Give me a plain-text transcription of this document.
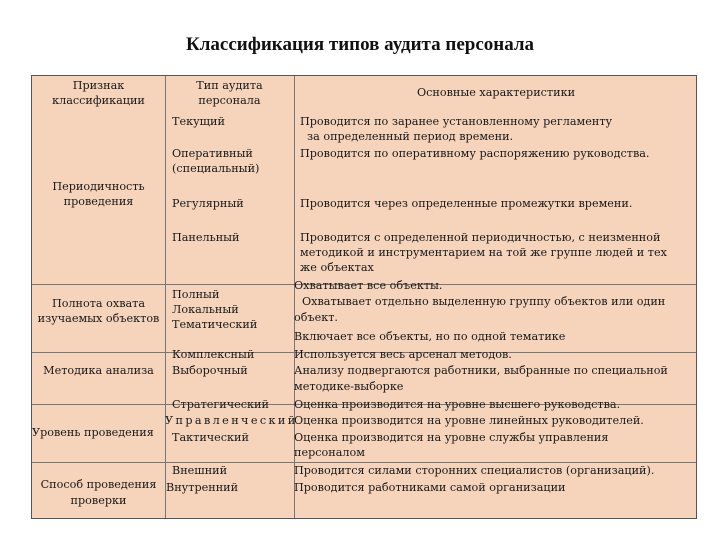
Классификация типов аудита персонала
Признак
классификации
Тип аудита
персонала
Основные характеристики
Периодичность
проведения
Текущий
Оперативный
(специальный)
Регулярный
Панельный
Проводится по заранее установленному регламенту
за определенный период времени.
Проводится по оперативному распоряжению руководства.
Проводится через определенные промежутки времени.
Проводится с определенной периодичностью, с неизменной
методикой и инструментарием на той же группе людей и тех
же объектах
Полнота охвата
изучаемых объектов
Полный
Локальный
Тематический
Охватывает все объекты.
Охватывает отдельно выделенную группу объектов или один
объект.
Включает все объекты, но по одной тематике
Методика анализа
Комплексный
Выборочный
Используется весь арсенал методов.
Анализу подвергаются работники, выбранные по специальной
методике-выборке
Уровень проведения
Стратегический
Управленческий
Тактический
Оценка производится на уровне высшего руководства.
Оценка производится на уровне линейных руководителей.
Оценка производится на уровне службы управления
персоналом
Способ проведения
проверки
Внешний
Внутренний
Проводится силами сторонних специалистов (организаций).
Проводится работниками самой организации
